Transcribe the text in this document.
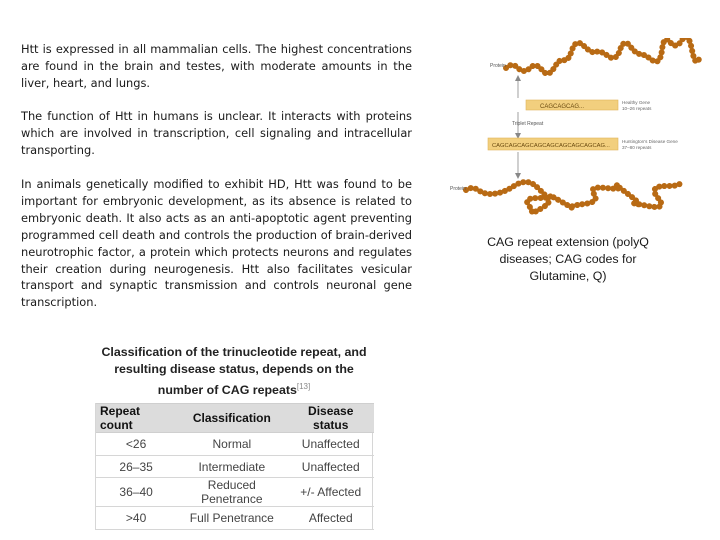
Htt is expressed in all mammalian cells. The highest concentrations are found in the brain and testes, with moderate amounts in the liver, heart, and lungs.

The function of Htt in humans is unclear. It interacts with proteins which are involved in transcription, cell signaling and intracellular transporting.

In animals genetically modified to exhibit HD, Htt was found to be important for embryonic development, as its absence is related to embryonic death. It also acts as an anti-apoptotic agent preventing programmed cell death and controls the production of brain-derived neurotrophic factor, a protein which protects neurons and regulates their creation during neurogenesis. Htt also facilitates vesicular transport and synaptic transmission and controls neuronal gene transcription.

Protein
CAGCAGCAG...
Healthy Gene
10–26 repeats
Triplet Repeat
CAGCAGCAGCAGCAGCAGCAGCAGCAG...
Huntington's Disease Gene
37–80 repeats
Protein
CAG repeat extension (polyQ diseases; CAG codes for Glutamine, Q)
Classification of the trinucleotide repeat, and resulting disease status, depends on the number of CAG repeats[13]
Repeat count	Classification	Disease status
<26	Normal	Unaffected
26–35	Intermediate	Unaffected
36–40	Reduced Penetrance	+/- Affected
>40	Full Penetrance	Affected
